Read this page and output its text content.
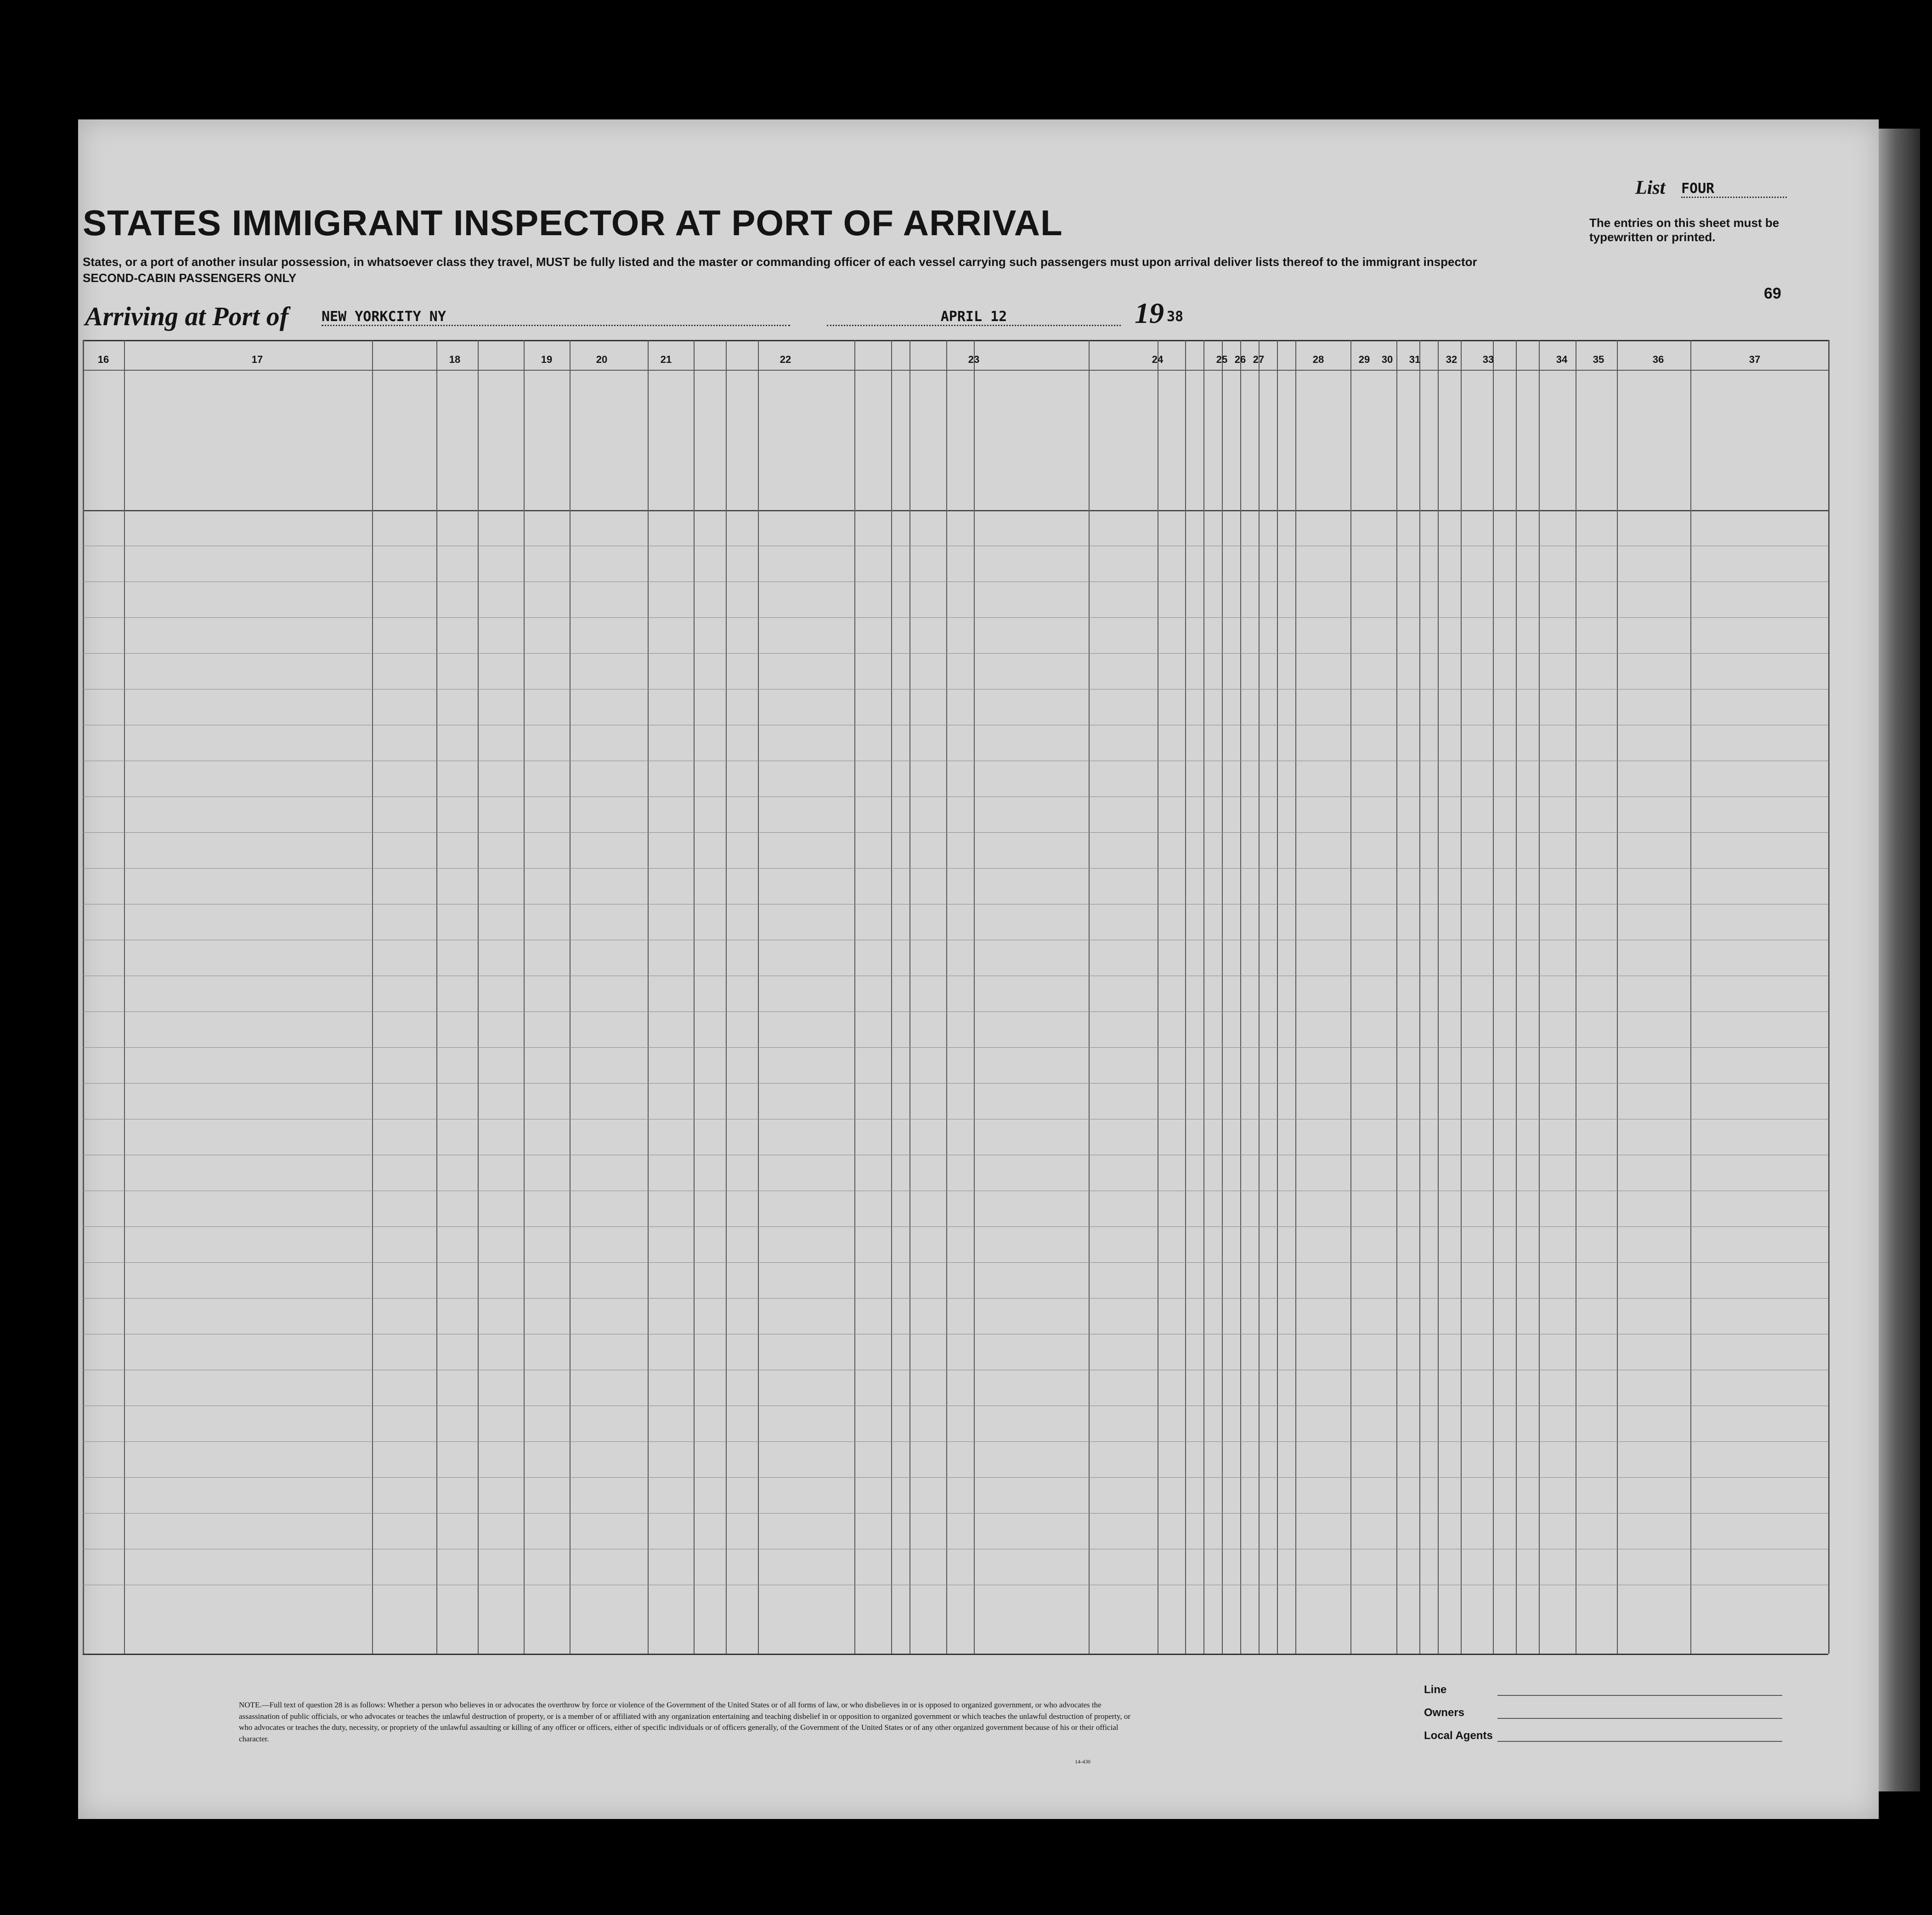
STATES IMMIGRANT INSPECTOR AT PORT OF ARRIVAL
States, or a port of another insular possession, in whatsoever class they travel, MUST be fully listed and the master or commanding officer of each vessel carrying such passengers must upon arrival deliver lists thereof to the immigrant inspector
SECOND-CABIN PASSENGERS ONLY
Arriving at Port of NEW YORKCITY NY	APRIL 12	19 38
List FOUR
The entries on this sheet must be typewritten or printed.
69
NOTE.—Full text of question 28 is as follows: Whether a person who believes in or advocates the overthrow by force or violence of the Government of the United States or of all forms of law, or who disbelieves in or is opposed to organized government, or who advocates the assassination of public officials, or who advocates or teaches the unlawful destruction of property, or is a member of or affiliated with any organization entertaining and teaching disbelief in or opposition to organized government or which teaches the unlawful destruction of property, or who advocates or teaches the duty, necessity, or propriety of the unlawful assaulting or killing of any officer or officers, either of specific individuals or of officers generally, of the Government of the United States or of any other organized government because of his or their official character.
14-430
Line
Owners
Local Agents
16	17	18	19	20	21	22	23	24	25 26 27	28	29	30	31	32	33	34	35	36	37
